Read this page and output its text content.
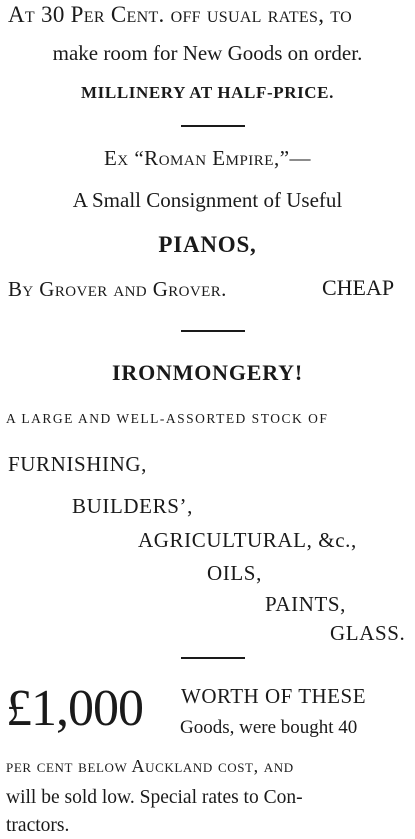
At 30 Per Cent. off usual rates, to
make room for New Goods on order.
MILLINERY AT HALF-PRICE.
Ex “Roman Empire,”—
A Small Consignment of Useful
PIANOS,
By Grover and Grover.	CHEAP
IRONMONGERY!
A LARGE AND WELL-ASSORTED STOCK OF
FURNISHING,
BUILDERS’,
AGRICULTURAL, &c.,
OILS,
PAINTS,
GLASS.
£1,000 WORTH OF THESE
Goods, were bought 40
per cent below Auckland cost, and
will be sold low. Special rates to Con-
tractors.
